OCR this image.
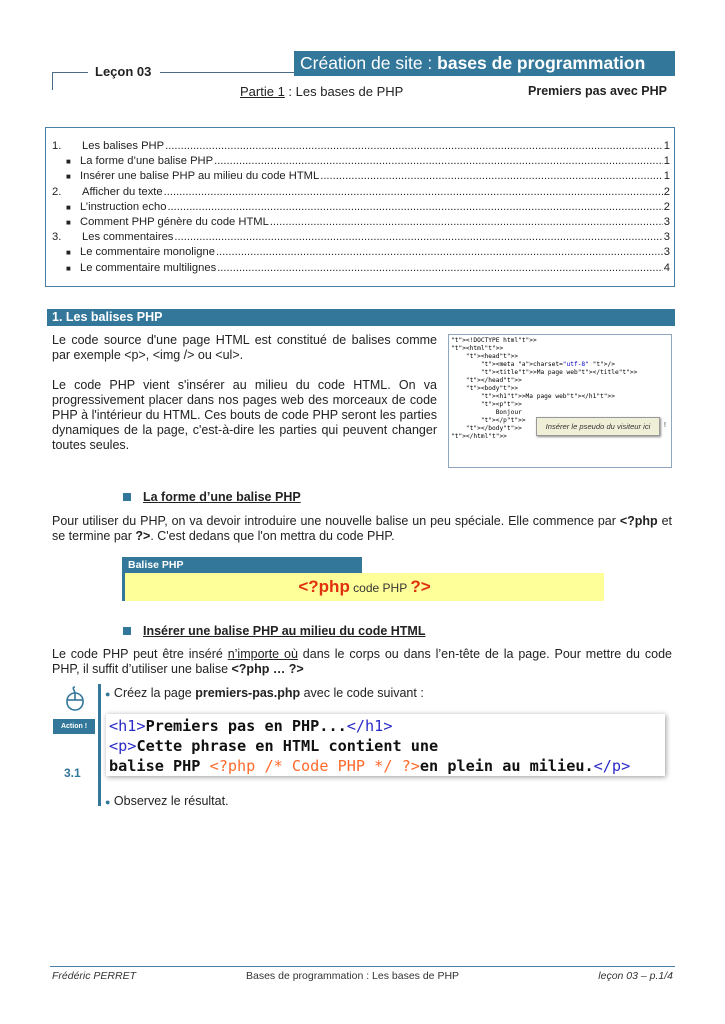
Leçon 03	Création de site : bases de programmation
Partie 1 : Les bases de PHP	Premiers pas avec PHP
1.	Les balises PHP .....	1
■ La forme d’une balise PHP .....	1
■ Insérer une balise PHP au milieu du code HTML .....	1
2.	Afficher du texte .....	2
■ L’instruction echo .....	2
■ Comment PHP génère du code HTML .....	3
3.	Les commentaires .....	3
■ Le commentaire monoligne .....	3
■ Le commentaire multilignes .....	4
1. Les balises PHP
Le code source d'une page HTML est constitué de balises comme par exemple <p>, <img /> ou <ul>.
Le code PHP vient s'insérer au milieu du code HTML. On va progressivement placer dans nos pages web des morceaux de code PHP à l'intérieur du HTML. Ces bouts de code PHP seront les parties dynamiques de la page, c'est-à-dire les parties qui peuvent changer toutes seules.
"t"><!DOCTYPE html"t">>
"t"><html"t">>
"t"><head"t">>
"t"><meta "a">charset="utf-8" "t">/>
"t"><title"t">>Ma page web"t"></title"t">>
"t"></head"t">>
"t"><body"t">>
"t"><h1"t">>Ma page web"t"></h1"t">>
"t"><p"t">>
Bonjour
"t"></p"t">>
"t"></body"t">>
"t"></html"t">>
Insérer le pseudo du visiteur ici	!
La forme d’une balise PHP
Pour utiliser du PHP, on va devoir introduire une nouvelle balise un peu spéciale. Elle commence par <?php et se termine par ?>. C'est dedans que l'on mettra du code PHP.
Balise PHP
<?php code PHP ?>
Insérer une balise PHP au milieu du code HTML
Le code PHP peut être inséré n’importe où dans le corps ou dans l’en-tête de la page. Pour mettre du code PHP, il suffit d’utiliser une balise <?php … ?>
Action !
3.1
● Créez la page premiers-pas.php avec le code suivant :
<h1>Premiers pas en PHP...</h1>
<p>Cette phrase en HTML contient une
balise PHP <?php /* Code PHP */ ?>en plein au milieu.</p>
● Observez le résultat.
Frédéric PERRET	Bases de programmation : Les bases de PHP	leçon 03 – p.1/4
